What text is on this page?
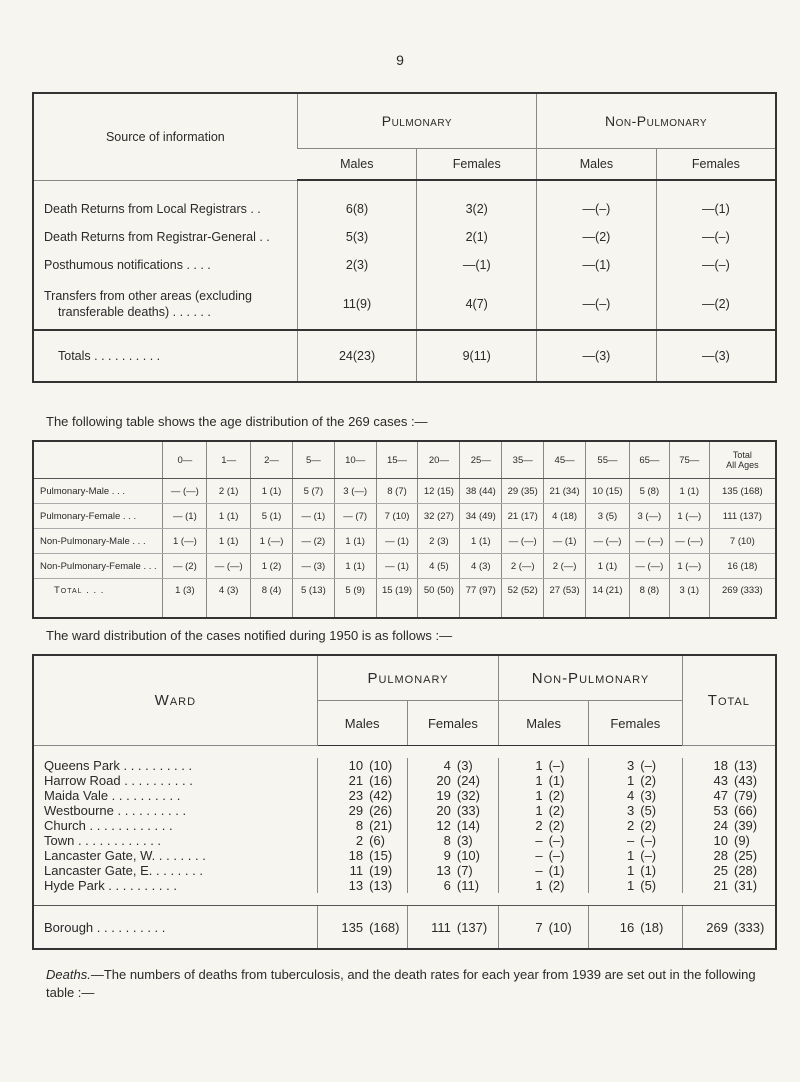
9
Source of information	Pulmonary		Non-Pulmonary	
	Males	Females	Males	Females
Death Returns from Local Registrars . .	6(8)	3(2)	—(–)	—(1)
Death Returns from Registrar-General . .	5(3)	2(1)	—(2)	—(–)
Posthumous notifications . . . .	2(3)	—(1)	—(1)	—(–)

Transfers from other areas (excluding
transferable deaths) . . . . . .	11(9)	4(7)	—(–)	—(2)
Totals . . . . . . . . . .	24(23)	9(11)	—(3)	—(3)
The following table shows the age distribution of the 269 cases :—
	0—	1—	2—	5—	10—	15—	20—	25—	35—	45—	55—	65—	75—	Total
All Ages

Pulmonary-Male . . .	— (—)	2 (1)	1 (1)	5 (7)	3 (—)	8 (7)	12 (15)	38 (44)	29 (35)	21 (34)	10 (15)	5 (8)	1 (1)	135 (168)
Pulmonary-Female . . .	— (1)	1 (1)	5 (1)	— (1)	— (7)	7 (10)	32 (27)	34 (49)	21 (17)	4 (18)	3 (5)	3 (—)	1 (—)	111 (137)
Non-Pulmonary-Male . . .	1 (—)	1 (1)	1 (—)	— (2)	1 (1)	— (1)	2 (3)	1 (1)	— (—)	— (1)	— (—)	— (—)	— (—)	7 (10)
Non-Pulmonary-Female . . .	— (2)	— (—)	1 (2)	— (3)	1 (1)	— (1)	4 (5)	4 (3)	2 (—)	2 (—)	1 (1)	— (—)	1 (—)	16 (18)
Total . . .	1 (3)	4 (3)	8 (4)	5 (13)	5 (9)	15 (19)	50 (50)	77 (97)	52 (52)	27 (53)	14 (21)	8 (8)	3 (1)	269 (333)
The ward distribution of the cases notified during 1950 is as follows :—
Ward	Pulmonary				Non-Pulmonary				Total	
	Males		Females		Males		Females			

Queens Park . . . . . . . . . .	10	(10)	4	(3)	1	(–)	3	(–)	18	(13)
Harrow Road . . . . . . . . . .	21	(16)	20	(24)	1	(1)	1	(2)	43	(43)
Maida Vale . . . . . . . . . .	23	(42)	19	(32)	1	(2)	4	(3)	47	(79)
Westbourne . . . . . . . . . .	29	(26)	20	(33)	1	(2)	3	(5)	53	(66)
Church . . . . . . . . . . . .	8	(21)	12	(14)	2	(2)	2	(2)	24	(39)
Town . . . . . . . . . . . .	2	(6)	8	(3)	–	(–)	–	(–)	10	(9)
Lancaster Gate, W. . . . . . . .	18	(15)	9	(10)	–	(–)	1	(–)	28	(25)
Lancaster Gate, E. . . . . . . .	11	(19)	13	(7)	–	(1)	1	(1)	25	(28)
Hyde Park . . . . . . . . . .	13	(13)	6	(11)	1	(2)	1	(5)	21	(31)

Borough . . . . . . . . . .	135	(168)	111	(137)	7	(10)	16	(18)	269	(333)
Deaths.—The numbers of deaths from tuberculosis, and the death rates for each year from 1939 are set out in the following table :—
